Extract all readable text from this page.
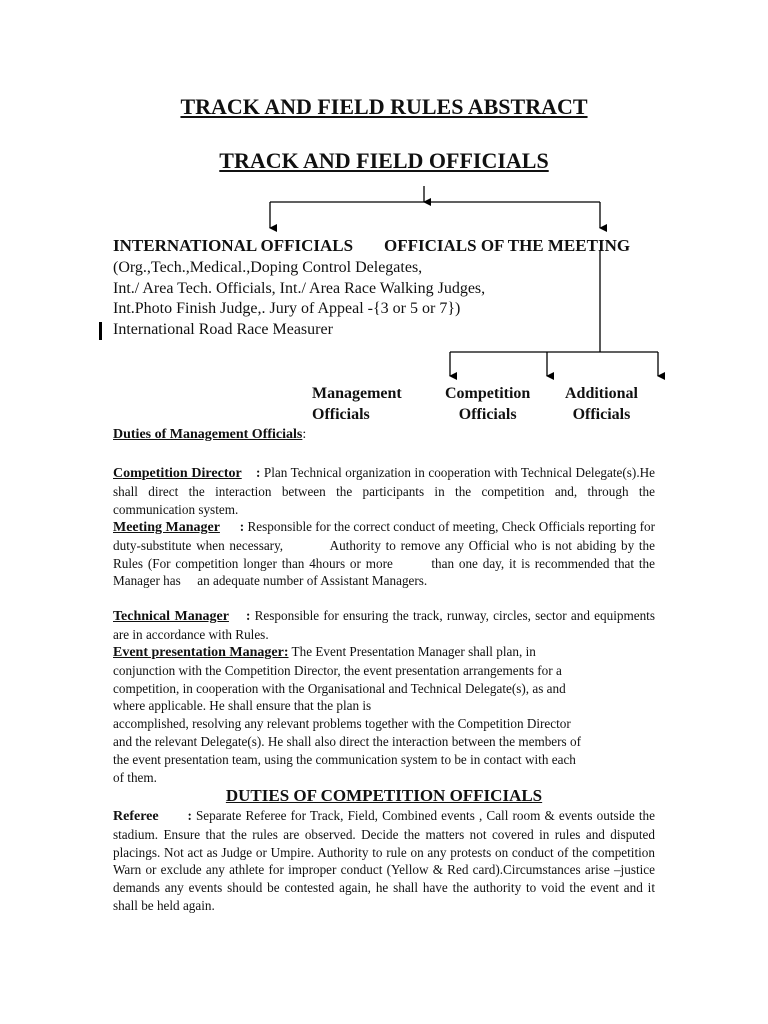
TRACK AND FIELD RULES ABSTRACT
TRACK AND FIELD OFFICIALS
INTERNATIONAL OFFICIALS OFFICIALS OF THE MEETING
(Org.,Tech.,Medical.,Doping Control Delegates,
Int./ Area Tech. Officials, Int./ Area Race Walking Judges,
Int.Photo Finish Judge,. Jury of Appeal -{3 or 5 or 7})
International Road Race Measurer
Management
Officials
Competition
Officials
Additional
Officials
Duties of Management Officials:
Competition Director    : Plan Technical organization in cooperation with Technical Delegate(s).He shall direct the interaction between the participants in the competition and, through the communication system.
Meeting Manager      : Responsible for the correct conduct of meeting, Check Officials reporting for duty-substitute when necessary,          Authority to remove any Official who is not abiding by the Rules (For competition longer than 4hours or more        than one day, it is recommended that the Manager has     an adequate number of Assistant Managers.
Technical Manager    : Responsible for ensuring the track, runway, circles, sector and equipments are in accordance with Rules.
Event presentation Manager: The Event Presentation Manager shall plan, in
conjunction with the Competition Director, the event presentation arrangements for a
competition, in cooperation with the Organisational and Technical Delegate(s), as and
where applicable. He shall ensure that the plan is
accomplished, resolving any relevant problems together with the Competition Director
and the relevant Delegate(s). He shall also direct the interaction between the members of
the event presentation team, using the communication system to be in contact with each
of them.
DUTIES OF COMPETITION OFFICIALS
Referee       : Separate Referee for Track, Field, Combined events , Call room & events outside the stadium. Ensure that the rules are observed. Decide the matters not covered in rules and disputed placings. Not act as Judge or Umpire. Authority to rule on any protests on conduct of the competition Warn or exclude any athlete for improper conduct (Yellow & Red card).Circumstances arise –justice demands any events should be contested again, he shall have the authority to void the event and it shall be held again.
